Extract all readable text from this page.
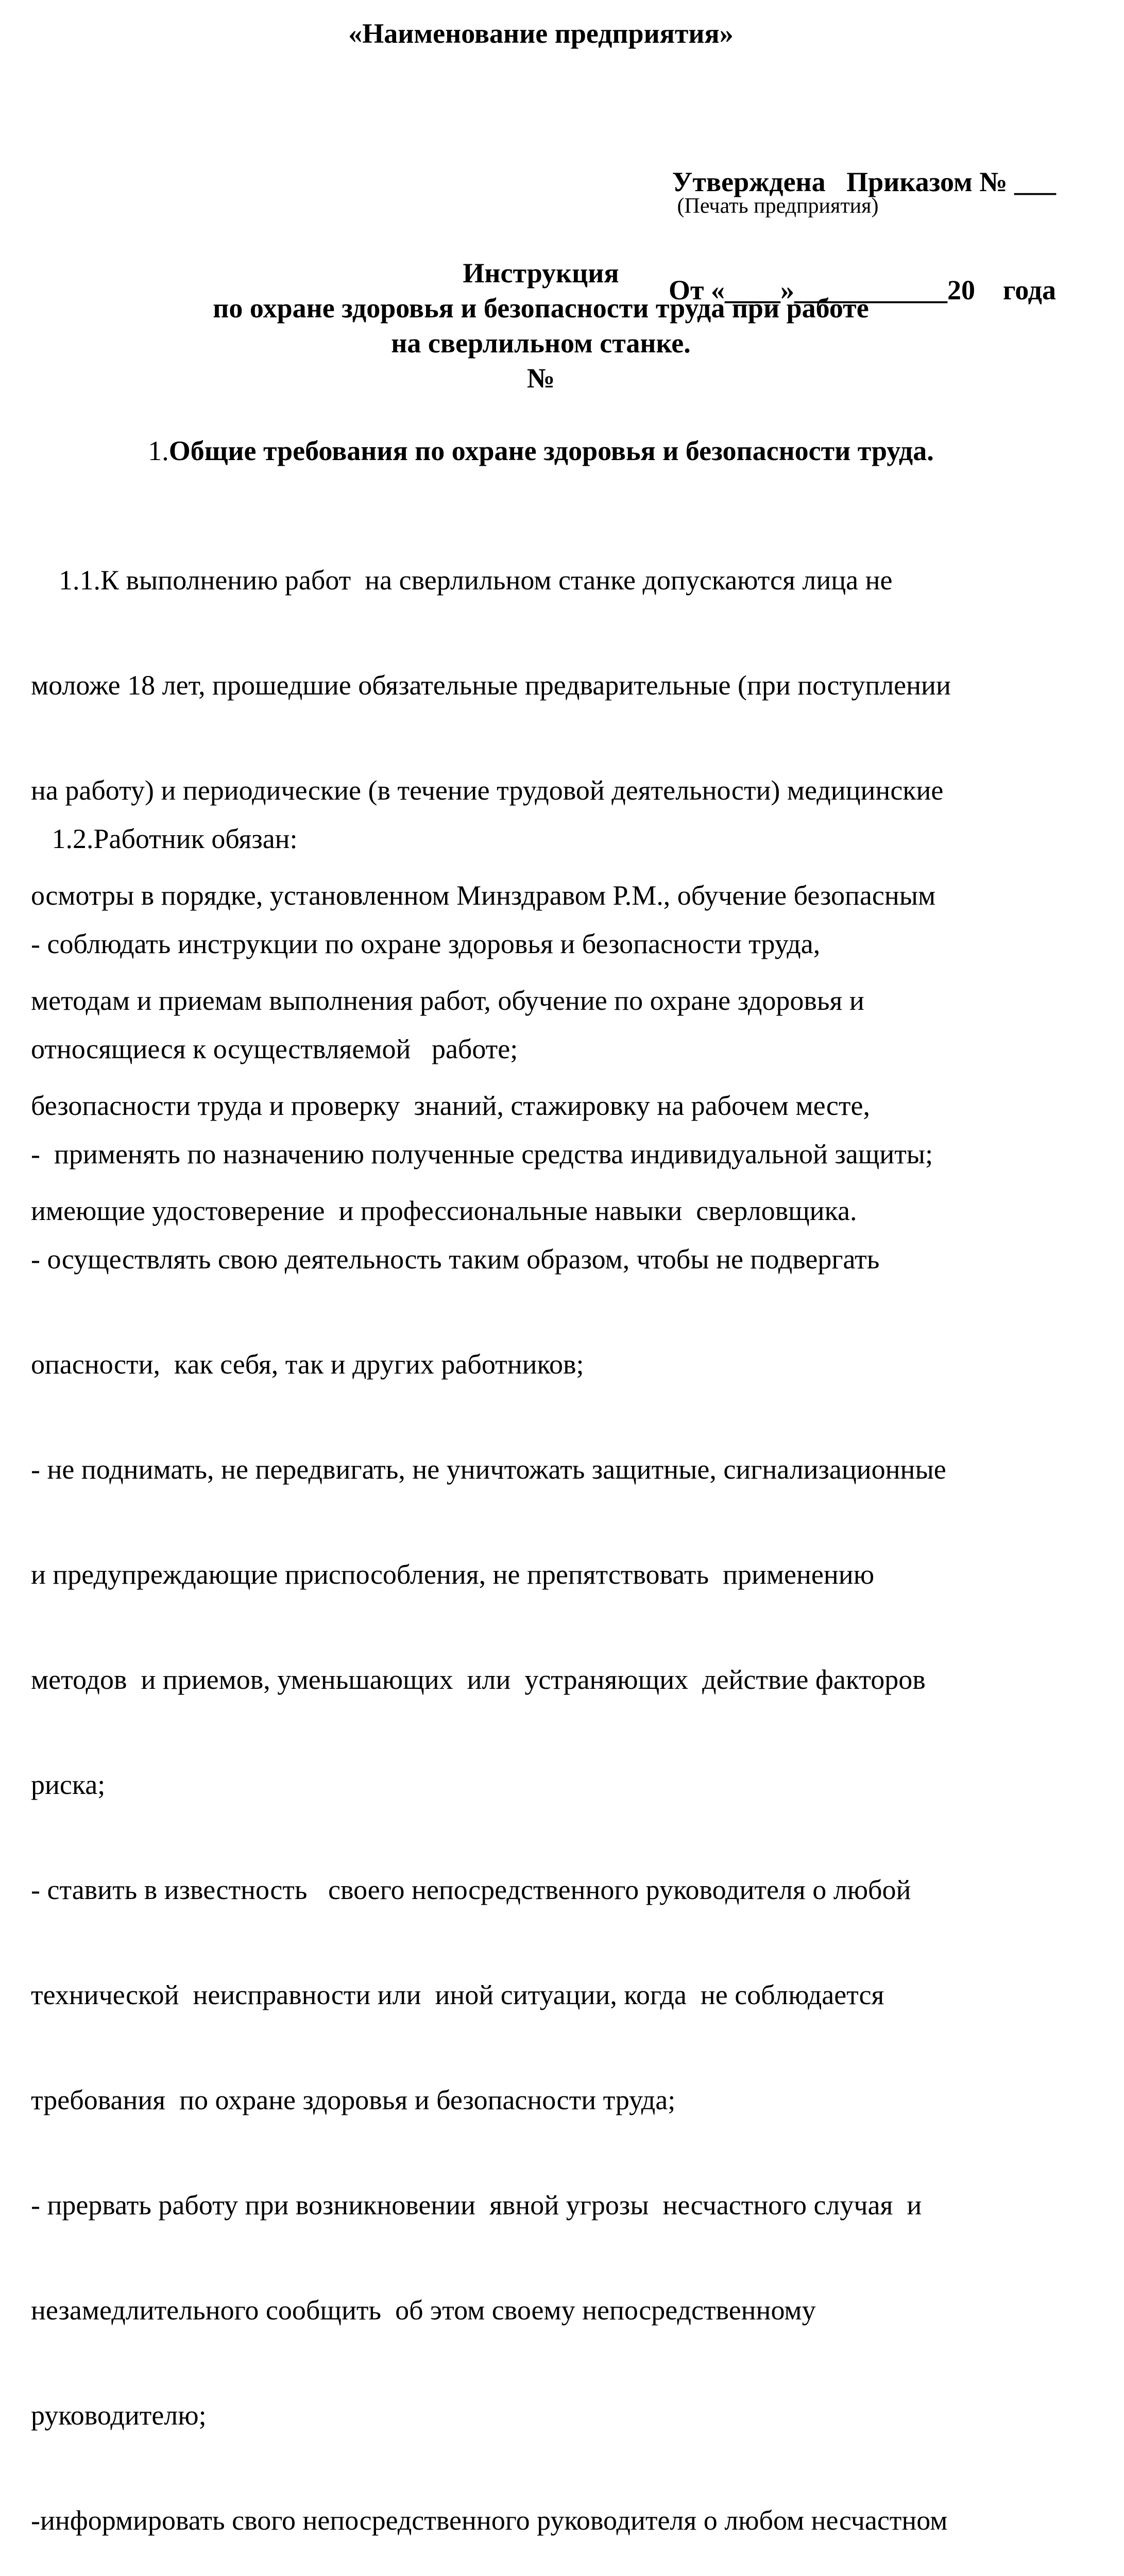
«Наименование предприятия»

Утверждена   Приказом № ___

От «____»___________20    года

(Печать предприятия)
Инструкция
по охране здоровья и безопасности труда при работе
на сверлильном станке.
№
1.Общие требования по охране здоровья и безопасности труда.

1.1.К выполнению работ  на сверлильном станке допускаются лица не

моложе 18 лет, прошедшие обязательные предварительные (при поступлении

на работу) и периодические (в течение трудовой деятельности) медицинские

осмотры в порядке, установленном Минздравом Р.М., обучение безопасным

методам и приемам выполнения работ, обучение по охране здоровья и

безопасности труда и проверку  знаний, стажировку на рабочем месте,

имеющие удостоверение  и профессиональные навыки  сверловщика.

1.2.Работник обязан:

- соблюдать инструкции по охране здоровья и безопасности труда,

относящиеся к осуществляемой   работе;

-  применять по назначению полученные средства индивидуальной защиты;

- осуществлять свою деятельность таким образом, чтобы не подвергать

опасности,  как себя, так и других работников;

- не поднимать, не передвигать, не уничтожать защитные, сигнализационные

и предупреждающие приспособления, не препятствовать  применению

методов  и приемов, уменьшающих  или  устраняющих  действие факторов

риска;

- ставить в известность   своего непосредственного руководителя о любой

технической  неисправности или  иной ситуации, когда  не соблюдается

требования  по охране здоровья и безопасности труда;

- прервать работу при возникновении  явной угрозы  несчастного случая  и

незамедлительного сообщить  об этом своему непосредственному

руководителю;

-информировать свого непосредственного руководителя о любом несчастном
